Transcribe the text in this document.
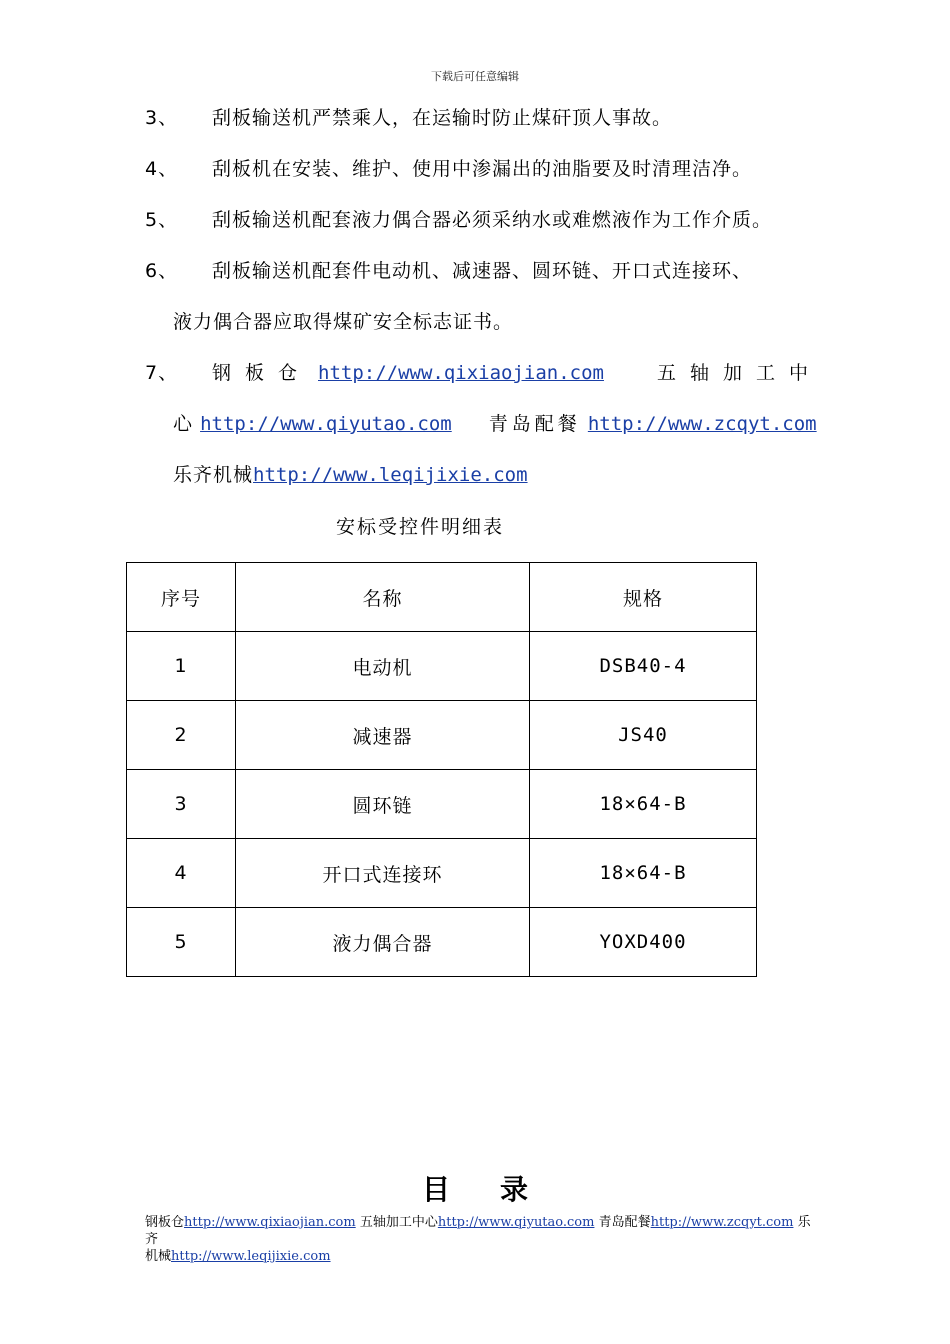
下载后可任意编辑
3、 刮板输送机严禁乘人，在运输时防止煤矸顶人事故。
4、 刮板机在安装、维护、使用中渗漏出的油脂要及时清理洁净。
5、 刮板输送机配套液力偶合器必须采纳水或难燃液作为工作介质。
6、 刮板输送机配套件电动机、减速器、圆环链、开口式连接环、
液力偶合器应取得煤矿安全标志证书。
7、 钢板仓 http://www.qixiaojian.com	五轴加工中
心 http://www.qiyutao.com 青岛配餐 http://www.zcqyt.com
乐齐机械http://www.leqijixie.com
安标受控件明细表
序号	名称	规格
1	电动机	DSB40-4
2	减速器	JS40
3	圆环链	18×64-B
4	开口式连接环	18×64-B
5	液力偶合器	YOXD400
目录
钢板仓http://www.qixiaojian.com 五轴加工中心http://www.qiyutao.com 青岛配餐http://www.zcqyt.com 乐齐
机械http://www.leqijixie.com
